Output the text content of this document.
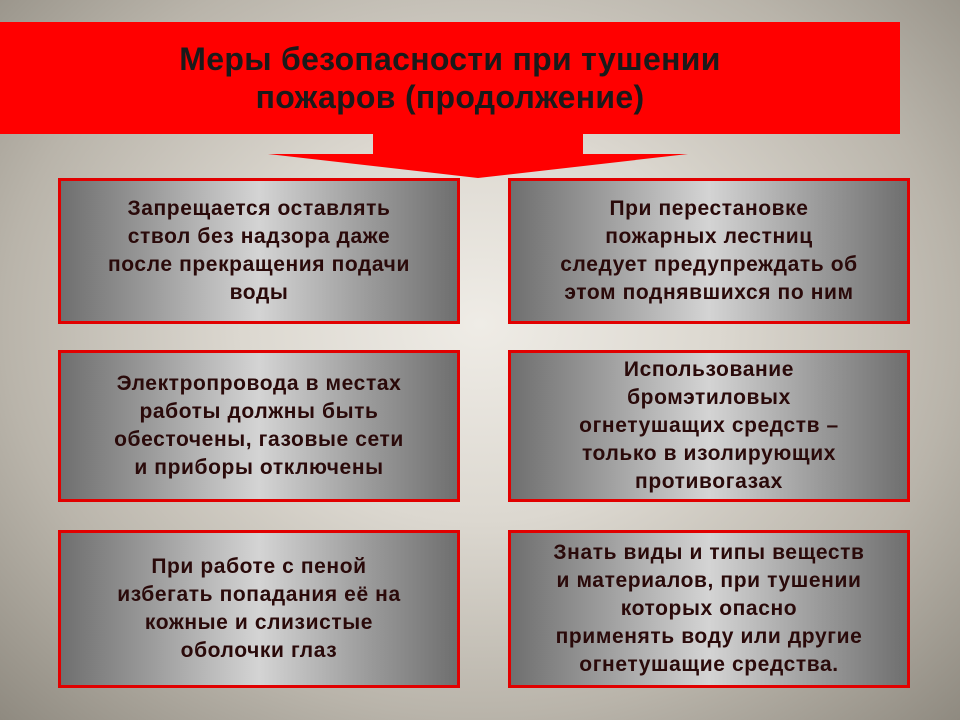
Меры безопасности при тушении
пожаров (продолжение)
Запрещается оставлять
ствол без надзора даже
после прекращения подачи
воды
При перестановке
пожарных лестниц
следует предупреждать об
этом поднявшихся по ним
Электропровода в местах
работы должны быть
обесточены, газовые сети
и приборы отключены
Использование
бромэтиловых
огнетушащих средств –
только в изолирующих
противогазах
При работе с пеной
избегать попадания её на
кожные и слизистые
оболочки глаз
Знать виды и типы веществ
и материалов, при тушении
которых опасно
применять воду или другие
огнетушащие средства.
